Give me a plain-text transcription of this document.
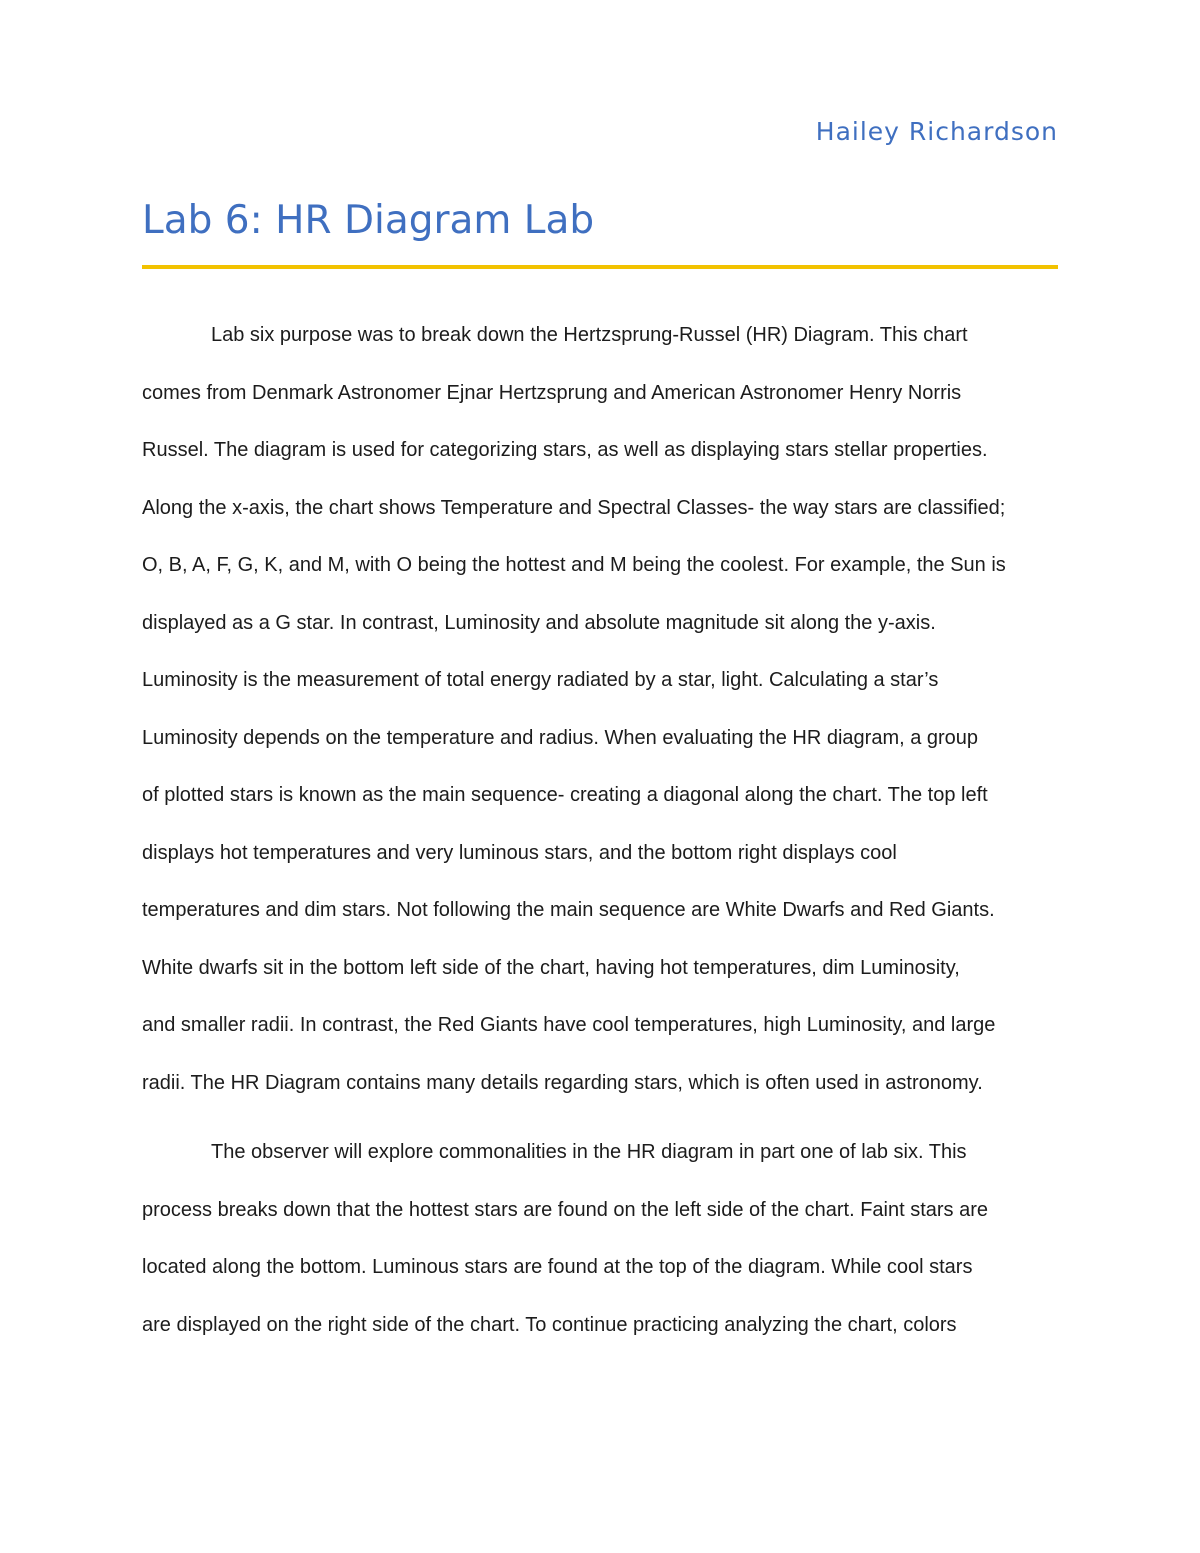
Hailey Richardson
Lab 6: HR Diagram Lab
Lab six purpose was to break down the Hertzsprung-Russel (HR) Diagram. This chart
comes from Denmark Astronomer Ejnar Hertzsprung and American Astronomer Henry Norris
Russel. The diagram is used for categorizing stars, as well as displaying stars stellar properties.
Along the x-axis, the chart shows Temperature and Spectral Classes- the way stars are classified;
O, B, A, F, G, K, and M, with O being the hottest and M being the coolest. For example, the Sun is
displayed as a G star. In contrast, Luminosity and absolute magnitude sit along the y-axis.
Luminosity is the measurement of total energy radiated by a star, light. Calculating a star’s
Luminosity depends on the temperature and radius. When evaluating the HR diagram, a group
of plotted stars is known as the main sequence- creating a diagonal along the chart. The top left
displays hot temperatures and very luminous stars, and the bottom right displays cool
temperatures and dim stars. Not following the main sequence are White Dwarfs and Red Giants.
White dwarfs sit in the bottom left side of the chart, having hot temperatures, dim Luminosity,
and smaller radii. In contrast, the Red Giants have cool temperatures, high Luminosity, and large
radii. The HR Diagram contains many details regarding stars, which is often used in astronomy.
The observer will explore commonalities in the HR diagram in part one of lab six. This
process breaks down that the hottest stars are found on the left side of the chart. Faint stars are
located along the bottom. Luminous stars are found at the top of the diagram. While cool stars
are displayed on the right side of the chart. To continue practicing analyzing the chart, colors
